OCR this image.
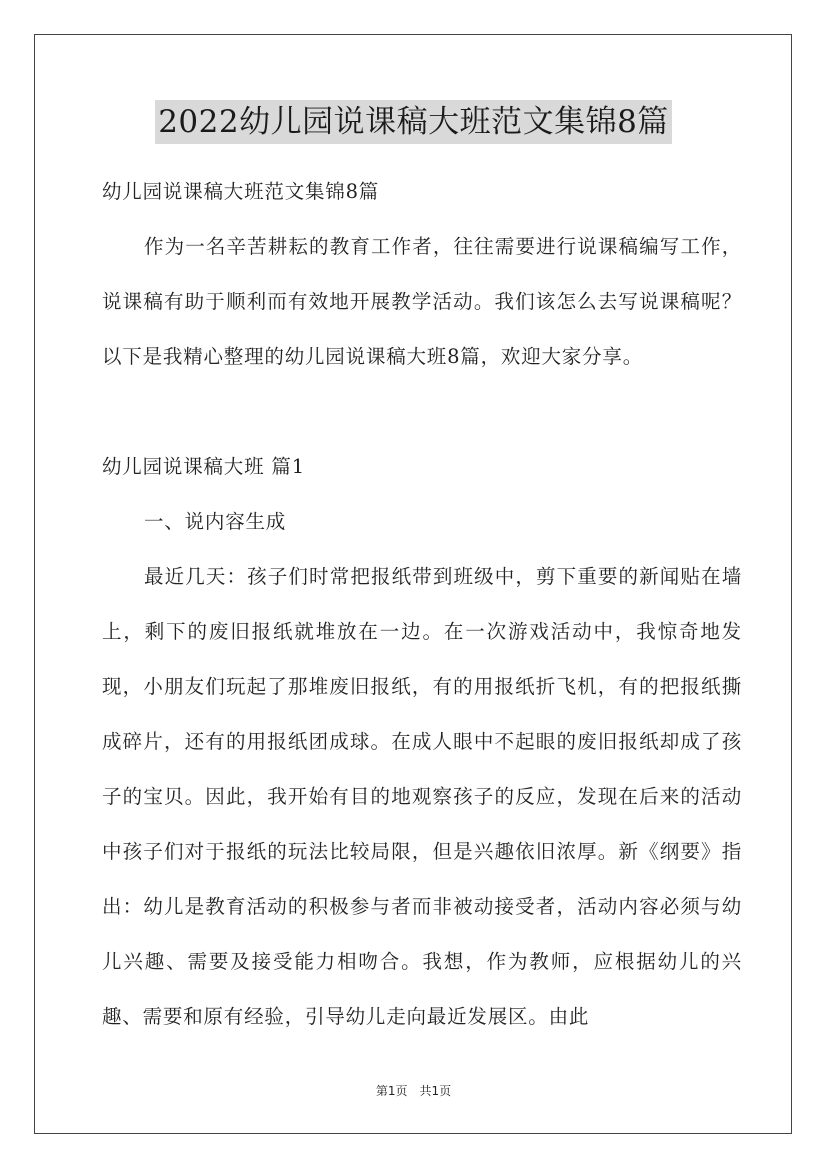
2022幼儿园说课稿大班范文集锦8篇

幼儿园说课稿大班范文集锦8篇

作为一名辛苦耕耘的教育工作者，往往需要进行说课稿编写工作，说课稿有助于顺利而有效地开展教学活动。我们该怎么去写说课稿呢？以下是我精心整理的幼儿园说课稿大班8篇，欢迎大家分享。

幼儿园说课稿大班 篇1

一、说内容生成

最近几天：孩子们时常把报纸带到班级中，剪下重要的新闻贴在墙上，剩下的废旧报纸就堆放在一边。在一次游戏活动中，我惊奇地发现，小朋友们玩起了那堆废旧报纸，有的用报纸折飞机，有的把报纸撕成碎片，还有的用报纸团成球。在成人眼中不起眼的废旧报纸却成了孩子的宝贝。因此，我开始有目的地观察孩子的反应，发现在后来的活动中孩子们对于报纸的玩法比较局限，但是兴趣依旧浓厚。新《纲要》指出：幼儿是教育活动的积极参与者而非被动接受者，活动内容必须与幼儿兴趣、需要及接受能力相吻合。我想，作为教师，应根据幼儿的兴趣、需要和原有经验，引导幼儿走向最近发展区。由此

第1页 共1页
